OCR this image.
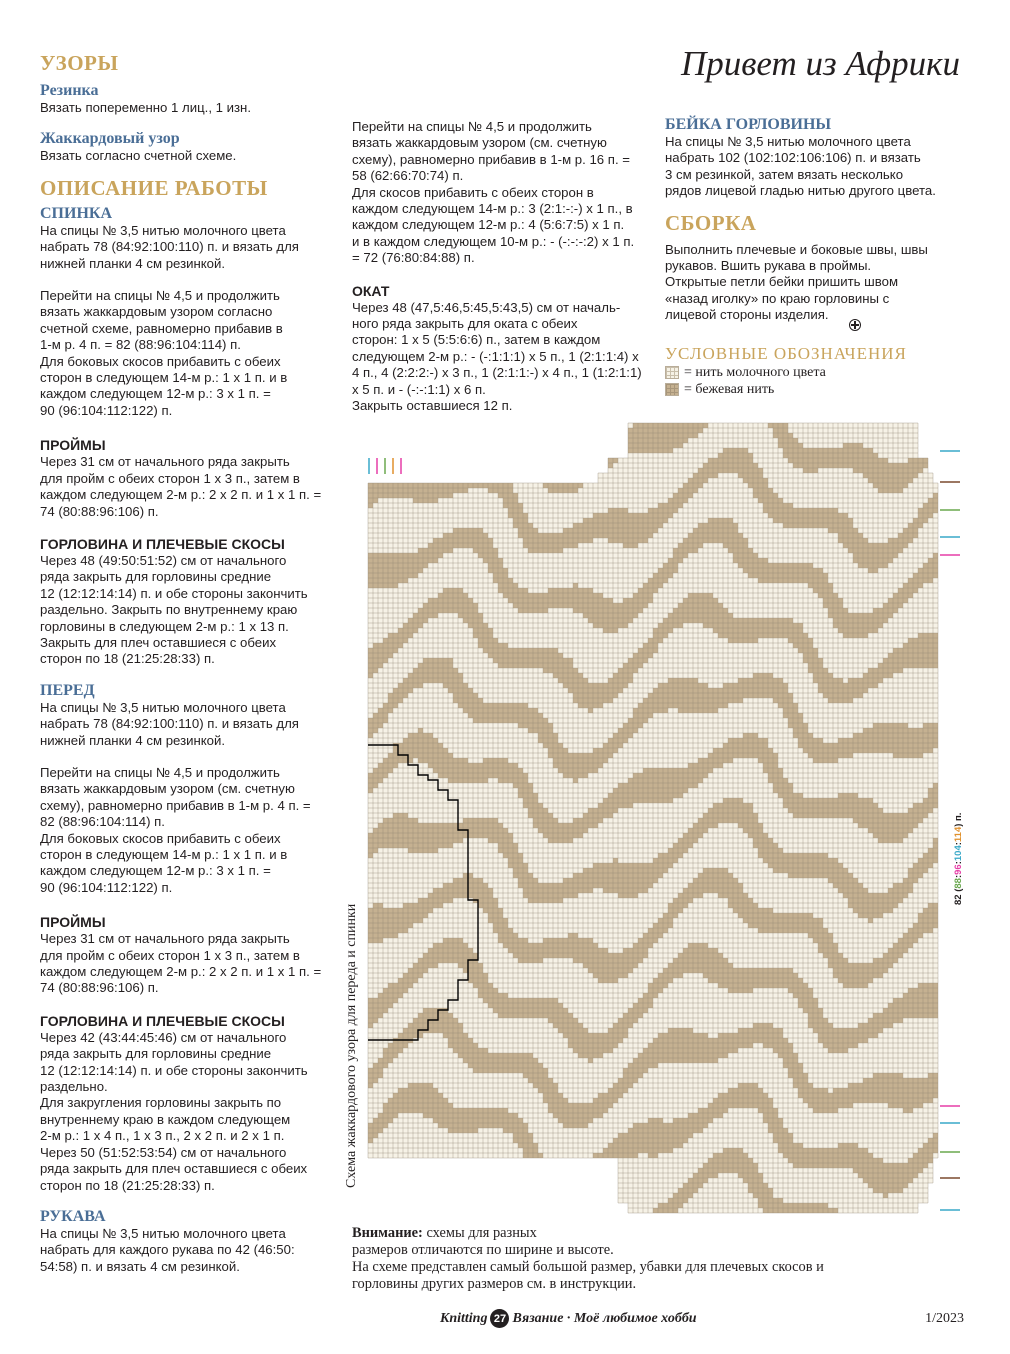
Привет из Африки
УЗОРЫ
Резинка
Вязать попеременно 1 лиц., 1 изн.
Жаккардовый узор
Вязать согласно счетной схеме.
ОПИСАНИЕ РАБОТЫ
СПИНКА
На спицы № 3,5 нитью молочного цвета
набрать 78 (84:92:100:110) п. и вязать для
нижней планки 4 см резинкой.
Перейти на спицы № 4,5 и продолжить
вязать жаккардовым узором согласно
счетной схеме, равномерно прибавив в
1-м р. 4 п. = 82 (88:96:104:114) п.
Для боковых скосов прибавить с обеих
сторон в следующем 14-м р.: 1 х 1 п. и в
каждом следующем 12-м р.: 3 х 1 п. =
90 (96:104:112:122) п.
ПРОЙМЫ
Через 31 см от начального ряда закрыть
для пройм с обеих сторон 1 х 3 п., затем в
каждом следующем 2-м р.: 2 х 2 п. и 1 х 1 п. =
74 (80:88:96:106) п.
ГОРЛОВИНА И ПЛЕЧЕВЫЕ СКОСЫ
Через 48 (49:50:51:52) см от начального
ряда закрыть для горловины средние
12 (12:12:14:14) п. и обе стороны закончить
раздельно. Закрыть по внутреннему краю
горловины в следующем 2-м р.: 1 х 13 п.
Закрыть для плеч оставшиеся с обеих
сторон по 18 (21:25:28:33) п.
ПЕРЕД
На спицы № 3,5 нитью молочного цвета
набрать 78 (84:92:100:110) п. и вязать для
нижней планки 4 см резинкой.
Перейти на спицы № 4,5 и продолжить
вязать жаккардовым узором (см. счетную
схему), равномерно прибавив в 1-м р. 4 п. =
82 (88:96:104:114) п.
Для боковых скосов прибавить с обеих
сторон в следующем 14-м р.: 1 х 1 п. и в
каждом следующем 12-м р.: 3 х 1 п. =
90 (96:104:112:122) п.
ПРОЙМЫ
Через 31 см от начального ряда закрыть
для пройм с обеих сторон 1 х 3 п., затем в
каждом следующем 2-м р.: 2 х 2 п. и 1 х 1 п. =
74 (80:88:96:106) п.
ГОРЛОВИНА И ПЛЕЧЕВЫЕ СКОСЫ
Через 42 (43:44:45:46) см от начального
ряда закрыть для горловины средние
12 (12:12:14:14) п. и обе стороны закончить
раздельно.
Для закругления горловины закрыть по
внутреннему краю в каждом следующем
2-м р.: 1 х 4 п., 1 х 3 п., 2 х 2 п. и 2 х 1 п.
Через 50 (51:52:53:54) см от начального
ряда закрыть для плеч оставшиеся с обеих
сторон по 18 (21:25:28:33) п.
РУКАВА
На спицы № 3,5 нитью молочного цвета
набрать для каждого рукава по 42 (46:50:
54:58) п. и вязать 4 см резинкой.
Перейти на спицы № 4,5 и продолжить
вязать жаккардовым узором (см. счетную
схему), равномерно прибавив в 1-м р. 16 п. =
58 (62:66:70:74) п.
Для скосов прибавить с обеих сторон в
каждом следующем 14-м р.: 3 (2:1:-:-) х 1 п., в
каждом следующем 12-м р.: 4 (5:6:7:5) х 1 п.
и в каждом следующем 10-м р.: - (-:-:-:2) х 1 п.
= 72 (76:80:84:88) п.
ОКАТ
Через 48 (47,5:46,5:45,5:43,5) см от началь-
ного ряда закрыть для оката с обеих
сторон: 1 х 5 (5:5:6:6) п., затем в каждом
следующем 2-м р.: - (-:1:1:1) х 5 п., 1 (2:1:1:4) х
4 п., 4 (2:2:2:-) х 3 п., 1 (2:1:1:-) х 4 п., 1 (1:2:1:1)
х 5 п. и - (-:-:1:1) х 6 п.
Закрыть оставшиеся 12 п.
БЕЙКА ГОРЛОВИНЫ
На спицы № 3,5 нитью молочного цвета
набрать 102 (102:102:106:106) п. и вязать
3 см резинкой, затем вязать несколько
рядов лицевой гладью нитью другого цвета.
СБОРКА
Выполнить плечевые и боковые швы, швы
рукавов. Вшить рукава в проймы.
Открытые петли бейки пришить швом
«назад иголку» по краю горловины с
лицевой стороны изделия.
УСЛОВНЫЕ ОБОЗНАЧЕНИЯ
= нить молочного цвета
= бежевая нить
Схема жаккардового узора для переда и спинки
82 (88:96:104:114) п.
Внимание: схемы для разных
размеров отличаются по ширине и высоте.
На схеме представлен самый большой размер, убавки для плечевых скосов и
горловины других размеров см. в инструкции.
Knitting 27 Вязание · Моё любимое хобби	1/2023
